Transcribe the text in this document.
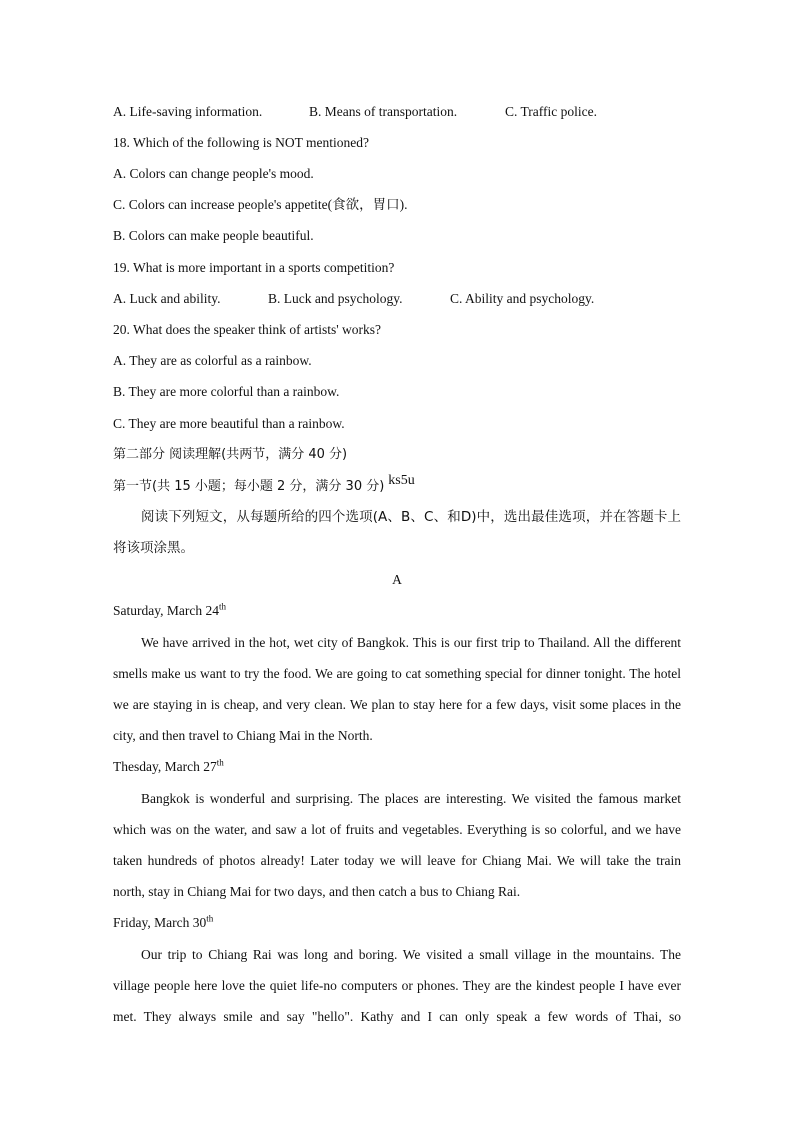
A. Life-saving information.	B. Means of transportation.	C. Traffic police.
18. Which of the following is NOT mentioned?
A. Colors can change people's mood.
C. Colors can increase people's appetite(食欲，胃口).
B. Colors can make people beautiful.
19. What is more important in a sports competition?
A. Luck and ability.	B. Luck and psychology.	C. Ability and psychology.
20. What does the speaker think of artists' works?
A. They are as colorful as a rainbow.
B. They are more colorful than a rainbow.
C. They are more beautiful than a rainbow.
第二部分 阅读理解(共两节，满分 40 分)
第一节(共 15 小题；每小题 2 分，满分 30 分) ks5u
阅读下列短文，从每题所给的四个选项(A、B、C、和D)中，选出最佳选项，并在答题卡上将该项涂黑。
A
Saturday, March 24th
We have arrived in the hot, wet city of Bangkok. This is our first trip to Thailand. All the different smells make us want to try the food. We are going to cat something special for dinner tonight. The hotel we are staying in is cheap, and very clean. We plan to stay here for a few days, visit some places in the city, and then travel to Chiang Mai in the North.
Thesday, March 27th
Bangkok is wonderful and surprising. The places are interesting. We visited the famous market which was on the water, and saw a lot of fruits and vegetables. Everything is so colorful, and we have taken hundreds of photos already! Later today we will leave for Chiang Mai. We will take the train north, stay in Chiang Mai for two days, and then catch a bus to Chiang Rai.
Friday, March 30th
Our trip to Chiang Rai was long and boring. We visited a small village in the mountains. The village people here love the quiet life-no computers or phones. They are the kindest people I have ever met. They always smile and say "hello". Kathy and I can only speak a few words of Thai, so
